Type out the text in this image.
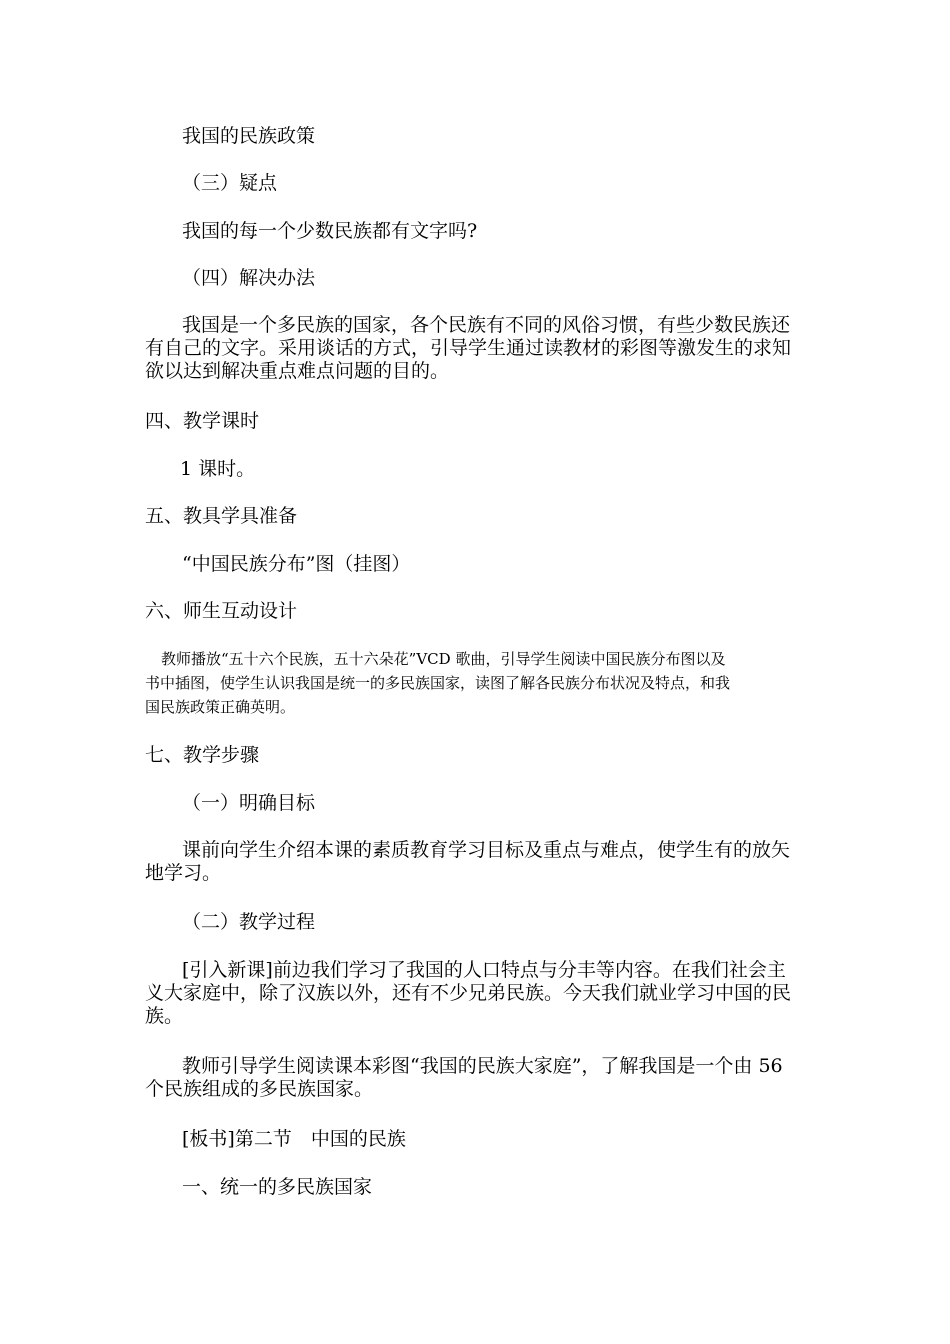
我国的民族政策
（三）疑点
我国的每一个少数民族都有文字吗?
（四）解决办法
我国是一个多民族的国家，各个民族有不同的风俗习惯，有些少数民族还
有自己的文字。采用谈话的方式，引导学生通过读教材的彩图等激发生的求知
欲以达到解决重点难点问题的目的。
四、教学课时
1 课时。
五、教具学具准备
“中国民族分布”图（挂图）
六、师生互动设计
教师播放“五十六个民族，五十六朵花”VCD 歌曲，引导学生阅读中国民族分布图以及
书中插图，使学生认识我国是统一的多民族国家，读图了解各民族分布状况及特点，和我
国民族政策正确英明。
七、教学步骤
（一）明确目标
课前向学生介绍本课的素质教育学习目标及重点与难点，使学生有的放矢
地学习。
（二）教学过程
[引入新课]前边我们学习了我国的人口特点与分丰等内容。在我们社会主
义大家庭中，除了汉族以外，还有不少兄弟民族。今天我们就业学习中国的民
族。
教师引导学生阅读课本彩图“我国的民族大家庭”，了解我国是一个由 56
个民族组成的多民族国家。
[板书]第二节　中国的民族
一、统一的多民族国家
